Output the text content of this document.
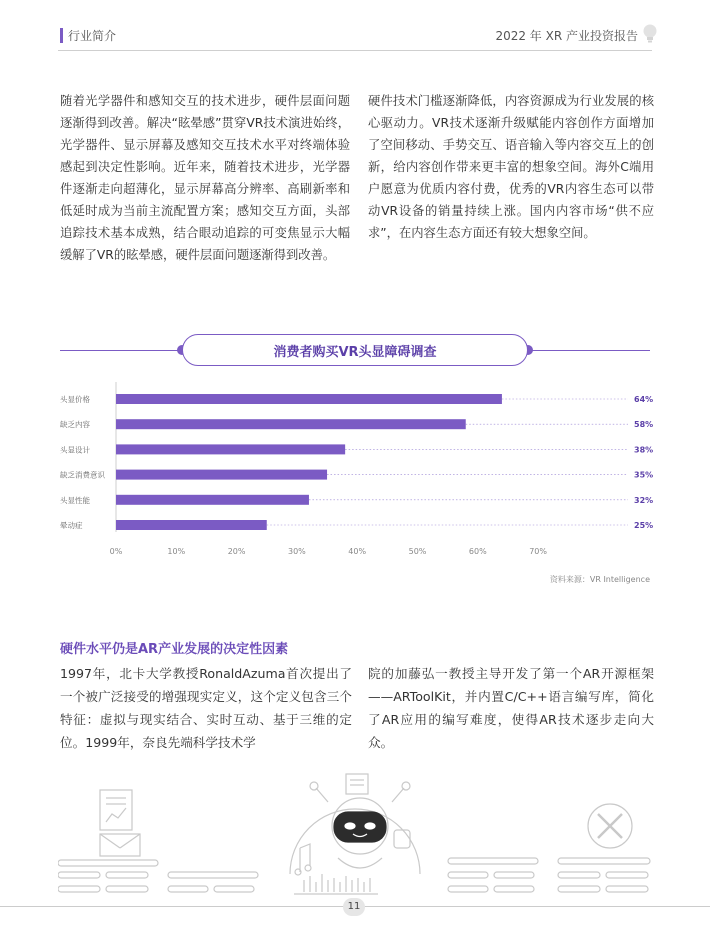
行业简介	2022 年 XR 产业投资报告
随着光学器件和感知交互的技术进步，硬件层面问题逐渐得到改善。解决“眩晕感”贯穿VR技术演进始终，光学器件、显示屏幕及感知交互技术水平对终端体验感起到决定性影响。近年来，随着技术进步，光学器件逐渐走向超薄化，显示屏幕高分辨率、高刷新率和低延时成为当前主流配置方案；感知交互方面，头部追踪技术基本成熟，结合眼动追踪的可变焦显示大幅缓解了VR的眩晕感，硬件层面问题逐渐得到改善。
硬件技术门槛逐渐降低，内容资源成为行业发展的核心驱动力。VR技术逐渐升级赋能内容创作方面增加了空间移动、手势交互、语音输入等内容交互上的创新，给内容创作带来更丰富的想象空间。海外C端用户愿意为优质内容付费，优秀的VR内容生态可以带动VR设备的销量持续上涨。国内内容市场“供不应求”，在内容生态方面还有较大想象空间。
消费者购买VR头显障碍调查
头显价格	64%
缺乏内容	58%
头显设计	38%
缺乏消费意识	35%
头显性能	32%
晕动症	25%
0%	10%	20%	30%	40%	50%	60%	70%
资料来源：VR Intelligence
硬件水平仍是AR产业发展的决定性因素
1997年，北卡大学教授RonaldAzuma首次提出了一个被广泛接受的增强现实定义，这个定义包含三个特征：虚拟与现实结合、实时互动、基于三维的定位。1999年，奈良先端科学技术学
院的加藤弘一教授主导开发了第一个AR开源框架——ARToolKit，并内置C/C++语言编写库，简化了AR应用的编写难度，使得AR技术逐步走向大众。
11
